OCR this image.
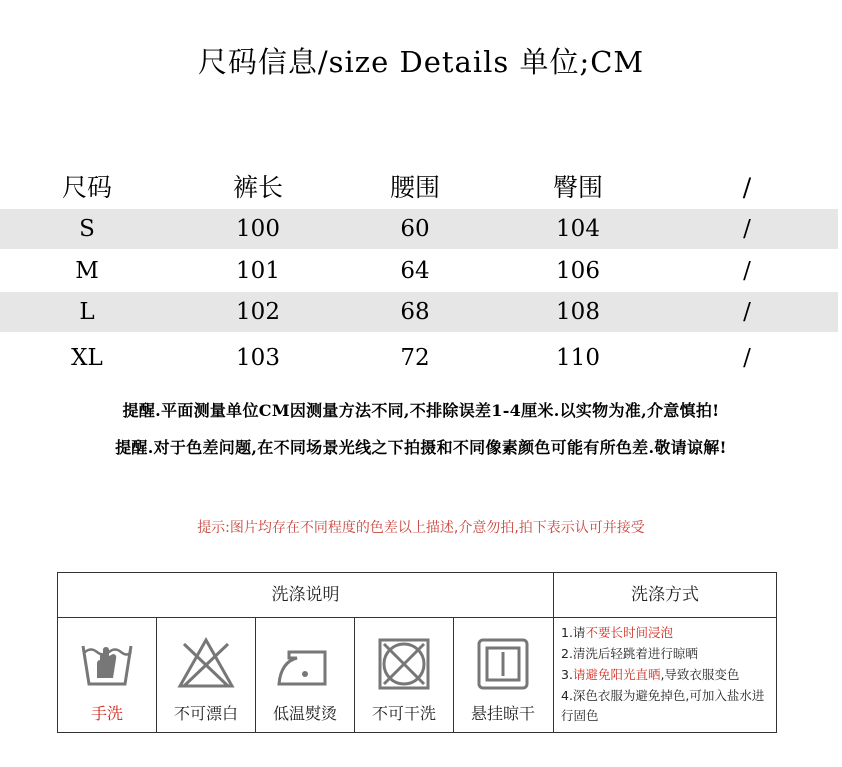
尺码信息/size Details 单位;CM
尺码	裤长	腰围	臀围	/
S	100	60	104	/
M	101	64	106	/
L	102	68	108	/
XL	103	72	110	/
提醒.平面测量单位CM因测量方法不同,不排除误差1-4厘米.以实物为准,介意慎拍!
提醒.对于色差问题,在不同场景光线之下拍摄和不同像素颜色可能有所色差.敬请谅解!
提示:图片均存在不同程度的色差以上描述,介意勿拍,拍下表示认可并接受
洗涤说明	洗涤方式
手洗	不可漂白	低温熨烫	不可干洗	悬挂晾干
1.请不要长时间浸泡
2.清洗后轻跳着进行晾晒
3.请避免阳光直晒,导致衣服变色
4.深色衣服为避免掉色,可加入盐水进行固色
